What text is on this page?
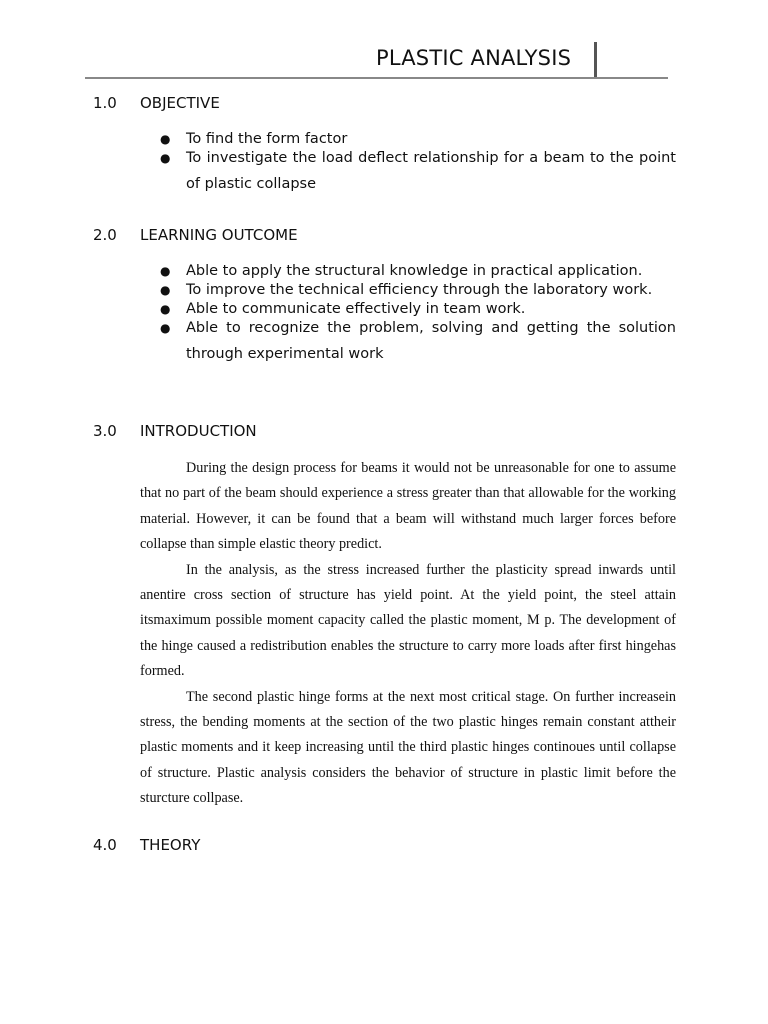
PLASTIC ANALYSIS
1.0 OBJECTIVE
● To find the form factor
● To investigate the load deflect relationship for a beam to the point of plastic collapse
2.0 LEARNING OUTCOME
● Able to apply the structural knowledge in practical application.
● To improve the technical efficiency through the laboratory work.
● Able to communicate effectively in team work.
● Able to recognize the problem, solving and getting the solution through experimental work
3.0 INTRODUCTION

During the design process for beams it would not be unreasonable for one to assume that no part of the beam should experience a stress greater than that allowable for the working material. However, it can be found that a beam will withstand much larger forces before collapse than simple elastic theory predict.

In the analysis, as the stress increased further the plasticity spread inwards until anentire cross section of structure has yield point. At the yield point, the steel attain itsmaximum possible moment capacity called the plastic moment, M p. The development of the hinge caused a redistribution enables the structure to carry more loads after first hingehas formed.

The second plastic hinge forms at the next most critical stage. On further increasein stress, the bending moments at the section of the two plastic hinges remain constant attheir plastic moments and it keep increasing until the third plastic hinges continoues until collapse of structure. Plastic analysis considers the behavior of structure in plastic limit before the sturcture collpase.

4.0 THEORY
